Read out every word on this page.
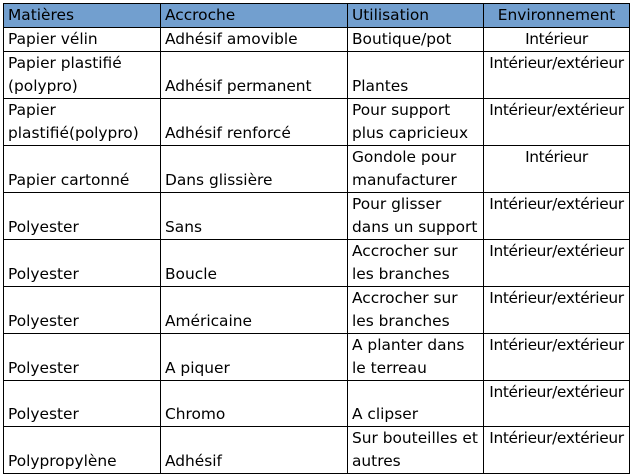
Matières	Accroche	Utilisation	Environnement
Papier vélin	Adhésif amovible	Boutique/pot	Intérieur
Papier plastifié (polypro)	Adhésif permanent	Plantes	Intérieur/extérieur
Papier plastifié(polypro)	Adhésif renforcé	Pour support plus capricieux	Intérieur/extérieur
Papier cartonné	Dans glissière	Gondole pour manufacturer	Intérieur
Polyester	Sans	Pour glisser dans un support	Intérieur/extérieur
Polyester	Boucle	Accrocher sur les branches	Intérieur/extérieur
Polyester	Américaine	Accrocher sur les branches	Intérieur/extérieur
Polyester	A piquer	A planter dans le terreau	Intérieur/extérieur
Polyester	Chromo	A clipser	Intérieur/extérieur
Polypropylène	Adhésif	Sur bouteilles et autres	Intérieur/extérieur
